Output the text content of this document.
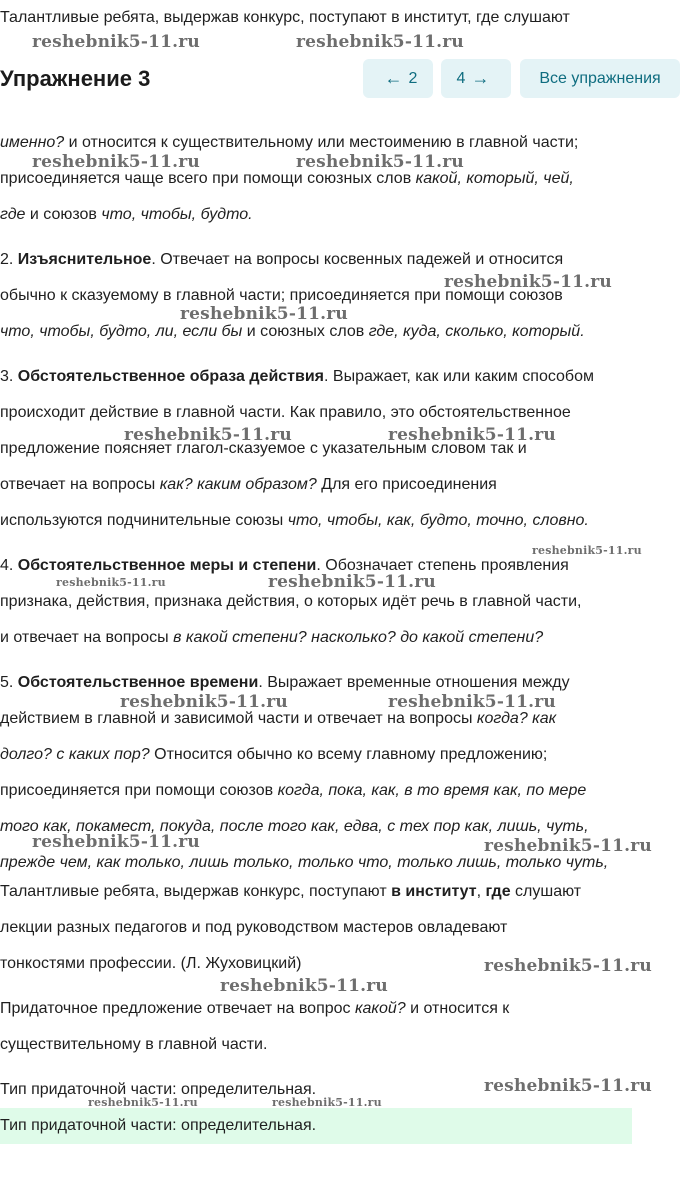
Талантливые ребята, выдержав конкурс, поступают в институт, где слушают
Упражнение 3	← 2 4 →	Все упражнения
именно? и относится к существительному или местоимению в главной части;
присоединяется чаще всего при помощи союзных слов какой, который, чей,
где и союзов что, чтобы, будто.
2. Изъяснительное. Отвечает на вопросы косвенных падежей и относится
обычно к сказуемому в главной части; присоединяется при помощи союзов
что, чтобы, будто, ли, если бы и союзных слов где, куда, сколько, который.
3. Обстоятельственное образа действия. Выражает, как или каким способом
происходит действие в главной части. Как правило, это обстоятельственное
предложение поясняет глагол-сказуемое с указательным словом так и
отвечает на вопросы как? каким образом? Для его присоединения
используются подчинительные союзы что, чтобы, как, будто, точно, словно.
4. Обстоятельственное меры и степени. Обозначает степень проявления
признака, действия, признака действия, о которых идёт речь в главной части,
и отвечает на вопросы в какой степени? насколько? до какой степени?
5. Обстоятельственное времени. Выражает временные отношения между
действием в главной и зависимой части и отвечает на вопросы когда? как
долго? с каких пор? Относится обычно ко всему главному предложению;
присоединяется при помощи союзов когда, пока, как, в то время как, по мере
того как, покамест, покуда, после того как, едва, с тех пор как, лишь, чуть,
прежде чем, как только, лишь только, только что, только лишь, только чуть,
Талантливые ребята, выдержав конкурс, поступают в институт, где слушают
лекции разных педагогов и под руководством мастеров овладевают
тонкостями профессии. (Л. Жуховицкий)
Придаточное предложение отвечает на вопрос какой? и относится к
существительному в главной части.
Тип придаточной части: определительная.
Тип придаточной части: определительная.
reshebnik5-11.ru	reshebnik5-11.ru
reshebnik5-11.ru	reshebnik5-11.ru
reshebnik5-11.ru
reshebnik5-11.ru
reshebnik5-11.ru	reshebnik5-11.ru
reshebnik5-11.ru
reshebnik5-11.ru	reshebnik5-11.ru
reshebnik5-11.ru	reshebnik5-11.ru
reshebnik5-11.ru	reshebnik5-11.ru
reshebnik5-11.ru
reshebnik5-11.ru
reshebnik5-11.ru
reshebnik5-11.ru	reshebnik5-11.ru
